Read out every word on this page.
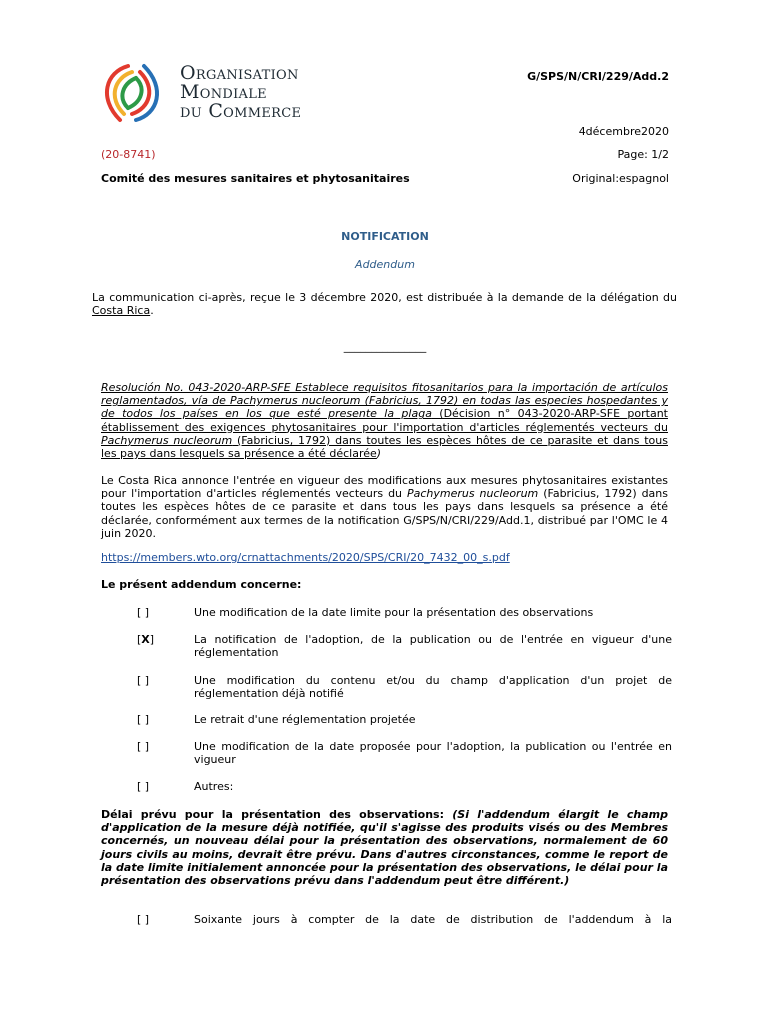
Organisation
Mondiale
du Commerce
G/SPS/N/CRI/229/Add.2
4décembre2020
(20-8741)	Page: 1/2
Comité des mesures sanitaires et phytosanitaires	Original:espagnol
NOTIFICATION
Addendum
La communication ci-après, reçue le 3 décembre 2020, est distribuée à la demande de la délégation du Costa Rica.
_______________
Resolución No. 043-2020-ARP-SFE Establece requisitos fitosanitarios para la importación de artículos reglamentados, vía de Pachymerus nucleorum (Fabricius, 1792) en todas las especies hospedantes y de todos los países en los que esté presente la plaga (Décision n° 043-2020-ARP-SFE portant établissement des exigences phytosanitaires pour l'importation d'articles réglementés vecteurs du Pachymerus nucleorum (Fabricius, 1792) dans toutes les espèces hôtes de ce parasite et dans tous les pays dans lesquels sa présence a été déclarée)
Le Costa Rica annonce l'entrée en vigueur des modifications aux mesures phytosanitaires existantes pour l'importation d'articles réglementés vecteurs du Pachymerus nucleorum (Fabricius, 1792) dans toutes les espèces hôtes de ce parasite et dans tous les pays dans lesquels sa présence a été déclarée, conformément aux termes de la notification G/SPS/N/CRI/229/Add.1, distribué par l'OMC le 4 juin 2020.
https://members.wto.org/crnattachments/2020/SPS/CRI/20_7432_00_s.pdf
Le présent addendum concerne:
[ ]	Une modification de la date limite pour la présentation des observations
[X]	La notification de l'adoption, de la publication ou de l'entrée en vigueur d'une réglementation
[ ]	Une modification du contenu et/ou du champ d'application d'un projet de réglementation déjà notifié
[ ]	Le retrait d'une réglementation projetée
[ ]	Une modification de la date proposée pour l'adoption, la publication ou l'entrée en vigueur
[ ]	Autres:
Délai prévu pour la présentation des observations: (Si l'addendum élargit le champ d'application de la mesure déjà notifiée, qu'il s'agisse des produits visés ou des Membres concernés, un nouveau délai pour la présentation des observations, normalement de 60 jours civils au moins, devrait être prévu. Dans d'autres circonstances, comme le report de la date limite initialement annoncée pour la présentation des observations, le délai pour la présentation des observations prévu dans l'addendum peut être différent.)
[ ]	Soixante jours à compter de la date de distribution de l'addendum à la
